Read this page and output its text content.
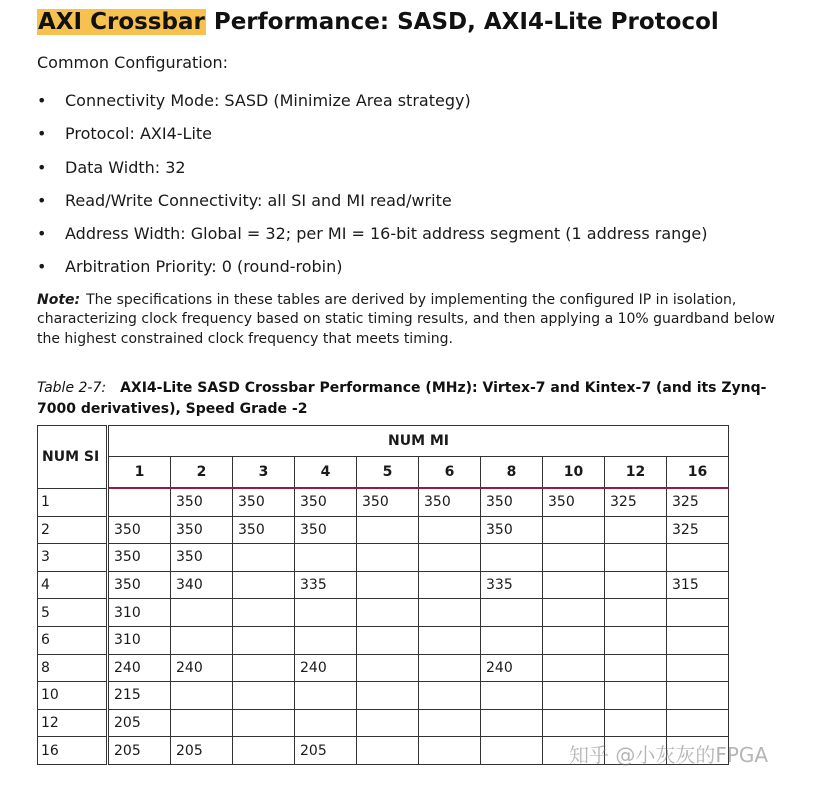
AXI Crossbar Performance: SASD, AXI4-Lite Protocol
Common Configuration:
• Connectivity Mode: SASD (Minimize Area strategy)
• Protocol: AXI4-Lite
• Data Width: 32
• Read/Write Connectivity: all SI and MI read/write
• Address Width: Global = 32; per MI = 16-bit address segment (1 address range)
• Arbitration Priority: 0 (round-robin)
Note: The specifications in these tables are derived by implementing the configured IP in isolation, characterizing clock frequency based on static timing results, and then applying a 10% guardband below the highest constrained clock frequency that meets timing.
Table 2-7: AXI4-Lite SASD Crossbar Performance (MHz): Virtex-7 and Kintex-7 (and its Zynq-7000 derivatives), Speed Grade -2
NUM SI	NUM MI									
	1	2	3	4	5	6	8	10	12	16
1		350	350	350	350	350	350	350	325	325
2	350	350	350	350			350			325
3	350	350								
4	350	340		335			335			315
5	310									
6	310									
8	240	240		240			240			
10	215									
12	205									
16	205	205		205							知乎 @小灰灰的FPGA
